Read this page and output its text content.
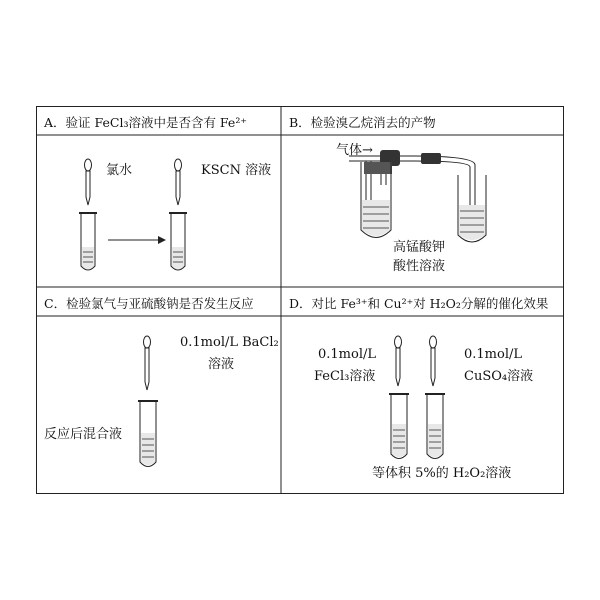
A．验证 FeCl₃溶液中是否含有 Fe²⁺
氯水	KSCN 溶液
B．检验溴乙烷消去的产物
气体→
高锰酸钾
酸性溶液
C．检验氯气与亚硫酸钠是否发生反应
0.1mol/L BaCl₂
溶液
反应后混合液
D．对比 Fe³⁺和 Cu²⁺对 H₂O₂分解的催化效果
0.1mol/L
FeCl₃溶液
0.1mol/L
CuSO₄溶液
等体积 5%的 H₂O₂溶液
